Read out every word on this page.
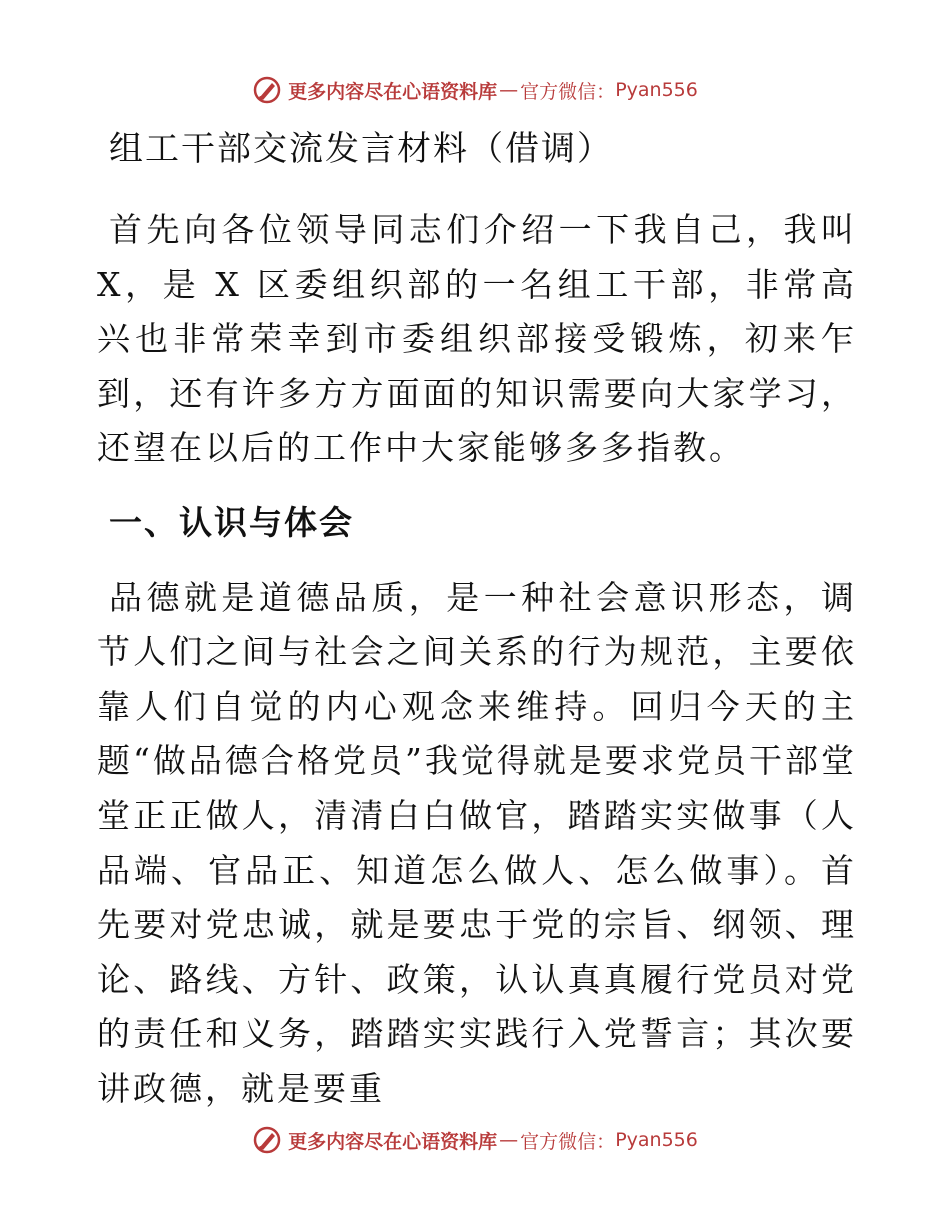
更多内容尽在心语资料库 — 官方微信： Pyan556
组工干部交流发言材料（借调）

首先向各位领导同志们介绍一下我自己，我叫 X，是 X 区委组织部的一名组工干部，非常高兴也非常荣幸到市委组织部接受锻炼，初来乍到，还有许多方方面面的知识需要向大家学习，还望在以后的工作中大家能够多多指教。

一、认识与体会

品德就是道德品质，是一种社会意识形态，调节人们之间与社会之间关系的行为规范，主要依靠人们自觉的内心观念来维持。回归今天的主题“做品德合格党员”我觉得就是要求党员干部堂堂正正做人，清清白白做官，踏踏实实做事（人品端、官品正、知道怎么做人、怎么做事）。首先要对党忠诚，就是要忠于党的宗旨、纲领、理论、路线、方针、政策，认认真真履行党员对党的责任和义务，踏踏实实践行入党誓言；其次要讲政德，就是要重

更多内容尽在心语资料库 — 官方微信： Pyan556
